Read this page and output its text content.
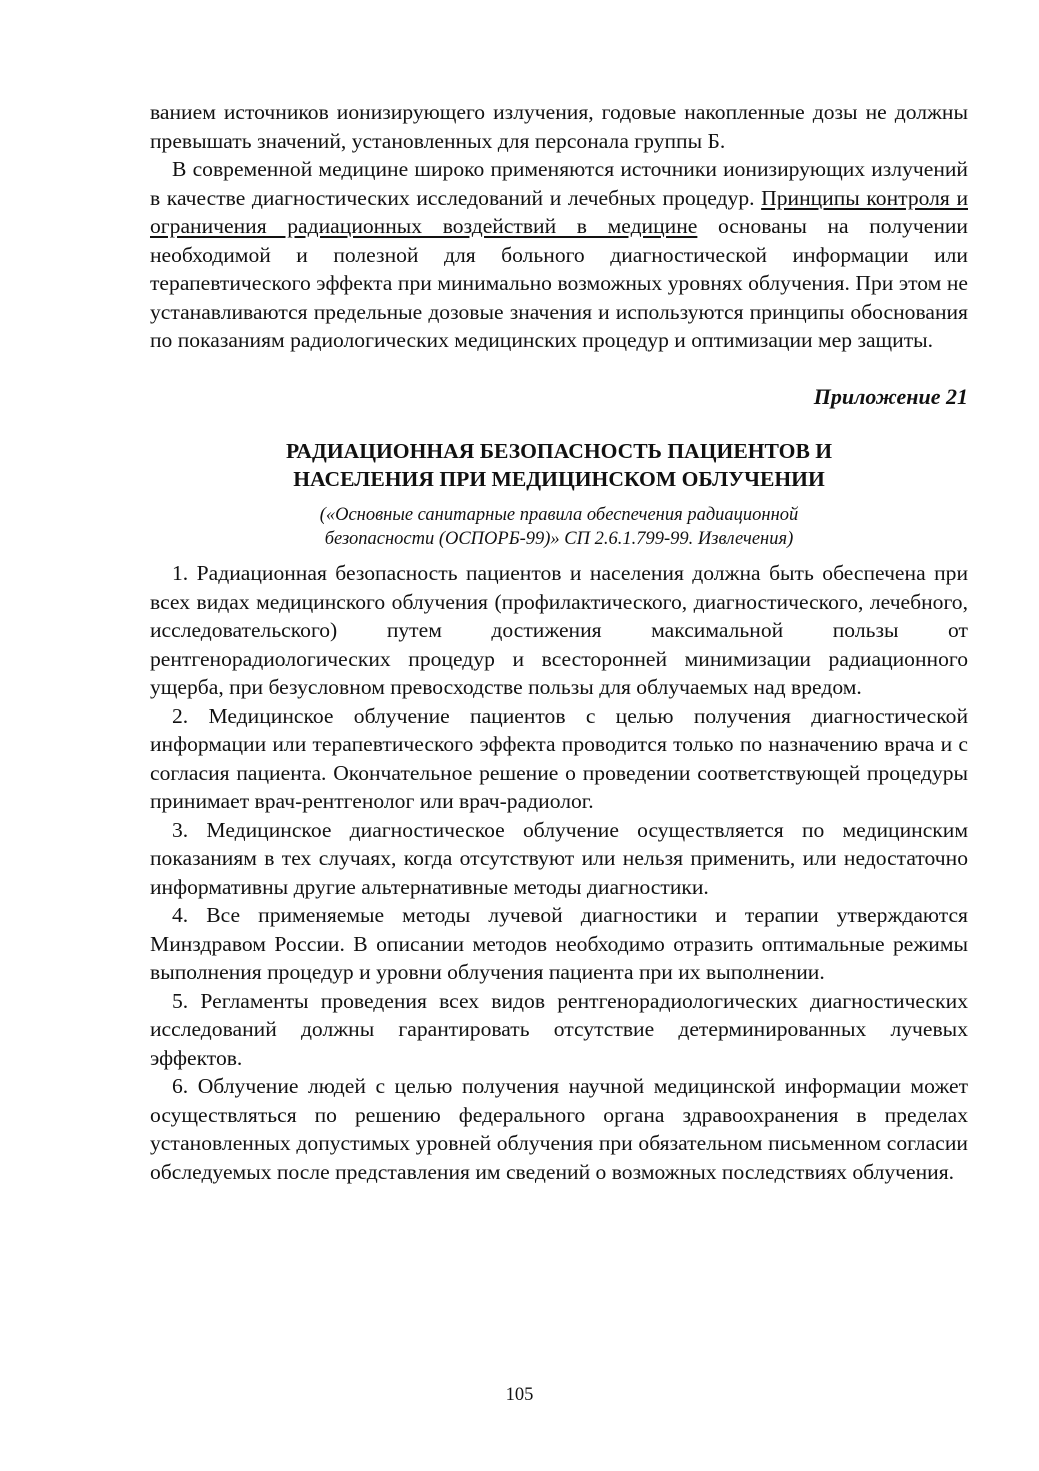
ванием источников ионизирующего излучения, годовые накопленные дозы не должны превышать значений, установленных для персонала группы Б.

В современной медицине широко применяются источники ионизирующих излучений в качестве диагностических исследований и лечебных процедур. Принципы контроля и ограничения радиационных воздействий в медицине основаны на получении необходимой и полезной для больного диагностической информации или терапевтического эффекта при минимально возможных уровнях облучения. При этом не устанавливаются предельные дозовые значения и используются принципы обоснования по показаниям радиологических медицинских процедур и оптимизации мер защиты.

Приложение 21

РАДИАЦИОННАЯ БЕЗОПАСНОСТЬ ПАЦИЕНТОВ И
НАСЕЛЕНИЯ ПРИ МЕДИЦИНСКОМ ОБЛУЧЕНИИ
(«Основные санитарные правила обеспечения радиационной
безопасности (ОСПОРБ-99)» СП 2.6.1.799-99. Извлечения)

1. Радиационная безопасность пациентов и населения должна быть обеспечена при всех видах медицинского облучения (профилактического, диагностического, лечебного, исследовательского) путем достижения максимальной пользы от рентгенорадиологических процедур и всесторонней минимизации радиационного ущерба, при безусловном превосходстве пользы для облучаемых над вредом.

2. Медицинское облучение пациентов с целью получения диагностической информации или терапевтического эффекта проводится только по назначению врача и с согласия пациента. Окончательное решение о проведении соответствующей процедуры принимает врач-рентгенолог или врач-радиолог.

3. Медицинское диагностическое облучение осуществляется по медицинским показаниям в тех случаях, когда отсутствуют или нельзя применить, или недостаточно информативны другие альтернативные методы диагностики.

4. Все применяемые методы лучевой диагностики и терапии утверждаются Минздравом России. В описании методов необходимо отразить оптимальные режимы выполнения процедур и уровни облучения пациента при их выполнении.

5. Регламенты проведения всех видов рентгенорадиологических диагностических исследований должны гарантировать отсутствие детерминированных лучевых эффектов.

6. Облучение людей с целью получения научной медицинской информации может осуществляться по решению федерального органа здравоохранения в пределах установленных допустимых уровней облучения при обязательном письменном согласии обследуемых после представления им сведений о возможных последствиях облучения.

105
